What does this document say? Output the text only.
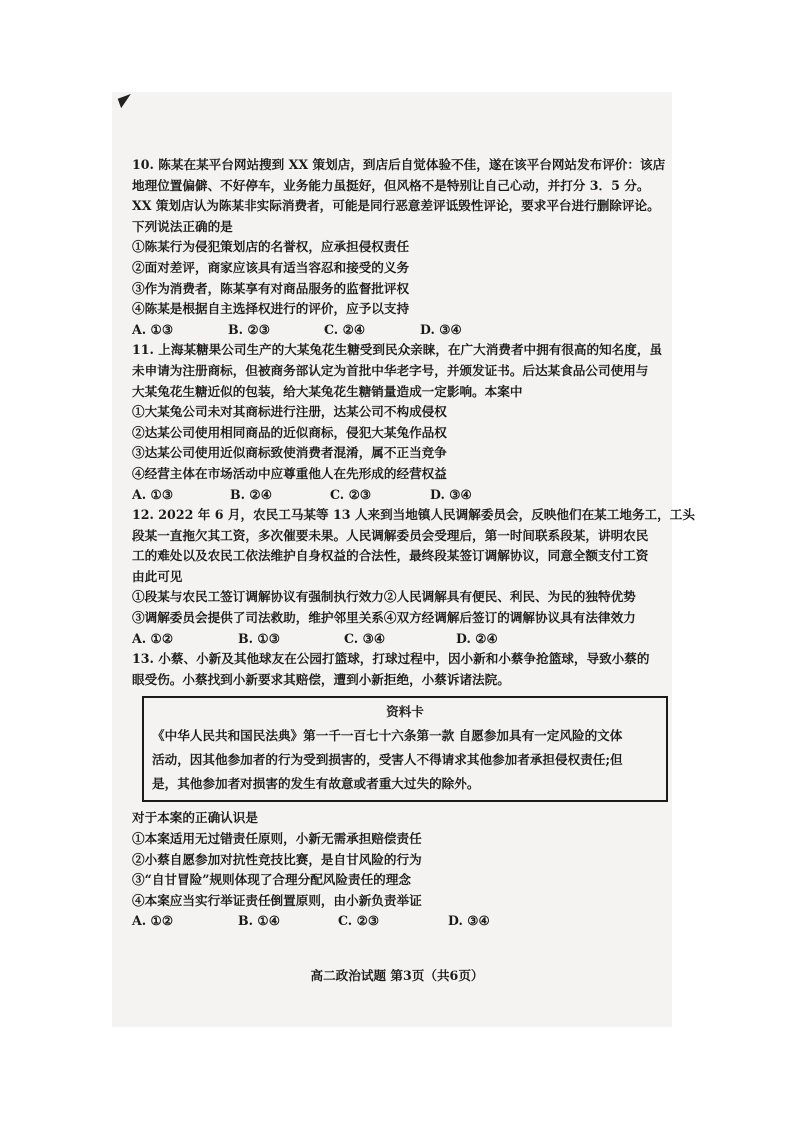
10. 陈某在某平台网站搜到 XX 策划店，到店后自觉体验不佳，遂在该平台网站发布评价：该店
地理位置偏僻、不好停车，业务能力虽挺好，但风格不是特别让自己心动，并打分 3．5 分。
XX 策划店认为陈某非实际消费者，可能是同行恶意差评诋毁性评论，要求平台进行删除评论。
下列说法正确的是
①陈某行为侵犯策划店的名誉权，应承担侵权责任
②面对差评，商家应该具有适当容忍和接受的义务
③作为消费者，陈某享有对商品服务的监督批评权
④陈某是根据自主选择权进行的评价，应予以支持
A. ①③	B. ②③	C. ②④	D. ③④
11. 上海某糖果公司生产的大某兔花生糖受到民众亲睐，在广大消费者中拥有很高的知名度，虽
未申请为注册商标，但被商务部认定为首批中华老字号，并颁发证书。后达某食品公司使用与
大某兔花生糖近似的包装，给大某兔花生糖销量造成一定影响。本案中
①大某兔公司未对其商标进行注册，达某公司不构成侵权
②达某公司使用相同商品的近似商标，侵犯大某兔作品权
③达某公司使用近似商标致使消费者混淆，属不正当竞争
④经营主体在市场活动中应尊重他人在先形成的经营权益
A. ①③	B. ②④	C. ②③	D. ③④
12. 2022 年 6 月，农民工马某等 13 人来到当地镇人民调解委员会，反映他们在某工地务工，工头
段某一直拖欠其工资，多次催要未果。人民调解委员会受理后，第一时间联系段某，讲明农民
工的难处以及农民工依法维护自身权益的合法性，最终段某签订调解协议，同意全额支付工资
由此可见
①段某与农民工签订调解协议有强制执行效力②人民调解具有便民、利民、为民的独特优势
③调解委员会提供了司法救助，维护邻里关系④双方经调解后签订的调解协议具有法律效力
A. ①②	B. ①③	C. ③④	D. ②④
13. 小蔡、小新及其他球友在公园打篮球，打球过程中，因小新和小蔡争抢篮球，导致小蔡的
眼受伤。小蔡找到小新要求其赔偿，遭到小新拒绝，小蔡诉诸法院。
资料卡
《中华人民共和国民法典》第一千一百七十六条第一款 自愿参加具有一定风险的文体
活动，因其他参加者的行为受到损害的，受害人不得请求其他参加者承担侵权责任;但
是，其他参加者对损害的发生有故意或者重大过失的除外。
对于本案的正确认识是
①本案适用无过错责任原则，小新无需承担赔偿责任
②小蔡自愿参加对抗性竞技比赛，是自甘风险的行为
③“自甘冒险”规则体现了合理分配风险责任的理念
④本案应当实行举证责任倒置原则，由小新负责举证
A. ①②	B. ①④	C. ②③	D. ③④
高二政治试题 第3页（共6页）
